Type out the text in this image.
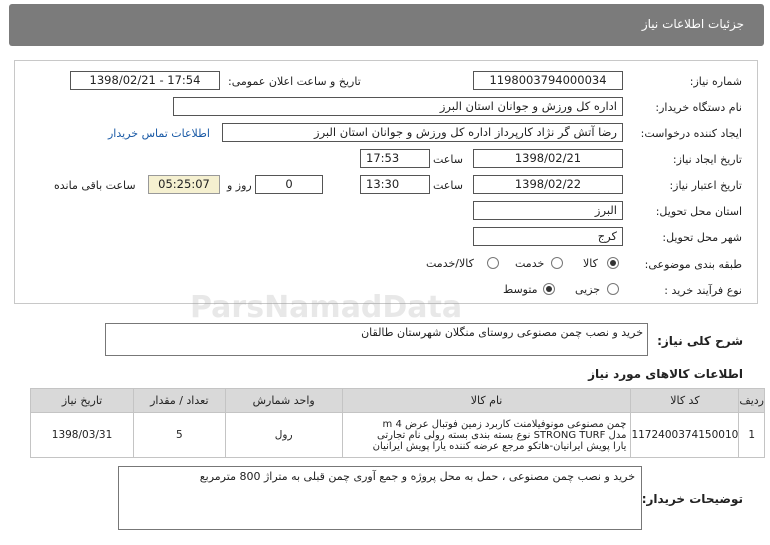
جزئیات اطلاعات نیاز
شماره نیاز:
1198003794000034
تاریخ و ساعت اعلان عمومی:
1398/02/21 - 17:54
نام دستگاه خریدار:
اداره کل ورزش و جوانان استان البرز
ایجاد کننده درخواست:
رضا آتش گر نژاد کارپرداز اداره کل ورزش و جوانان استان البرز
اطلاعات تماس خریدار
تاریخ ایجاد نیاز:
1398/02/21
ساعت
17:53
تاریخ اعتبار نیاز:
1398/02/22
ساعت
13:30
0
روز و
05:25:07
ساعت باقی مانده
استان محل تحویل:
البرز
شهر محل تحویل:
کرج
طبقه بندی موضوعی:
کالا
خدمت
کالا/خدمت
نوع فرآیند خرید :
جزیی
متوسط
شرح کلی نیاز:
خرید و نصب چمن مصنوعی روستای منگلان شهرستان طالقان
اطلاعات کالاهای مورد نیاز
ردیف	کد کالا	نام کالا	واحد شمارش	تعداد / مقدار	تاریخ نیاز
1	1172400374150010	چمن مصنوعی مونوفیلامنت کاربرد زمین فوتبال عرض m 4
مدل STRONG TURF نوع بسته بندی بسته رولی نام تجارتی
یارا پویش ایرانیان-هاتکو مرجع عرضه کننده یارا پویش ایرانیان	رول	5	1398/03/31
توضیحات خریدار:
خرید و نصب چمن مصنوعی ، حمل به محل پروژه و جمع آوری چمن قبلی به متراژ 800 مترمربع
ParsNamadData
